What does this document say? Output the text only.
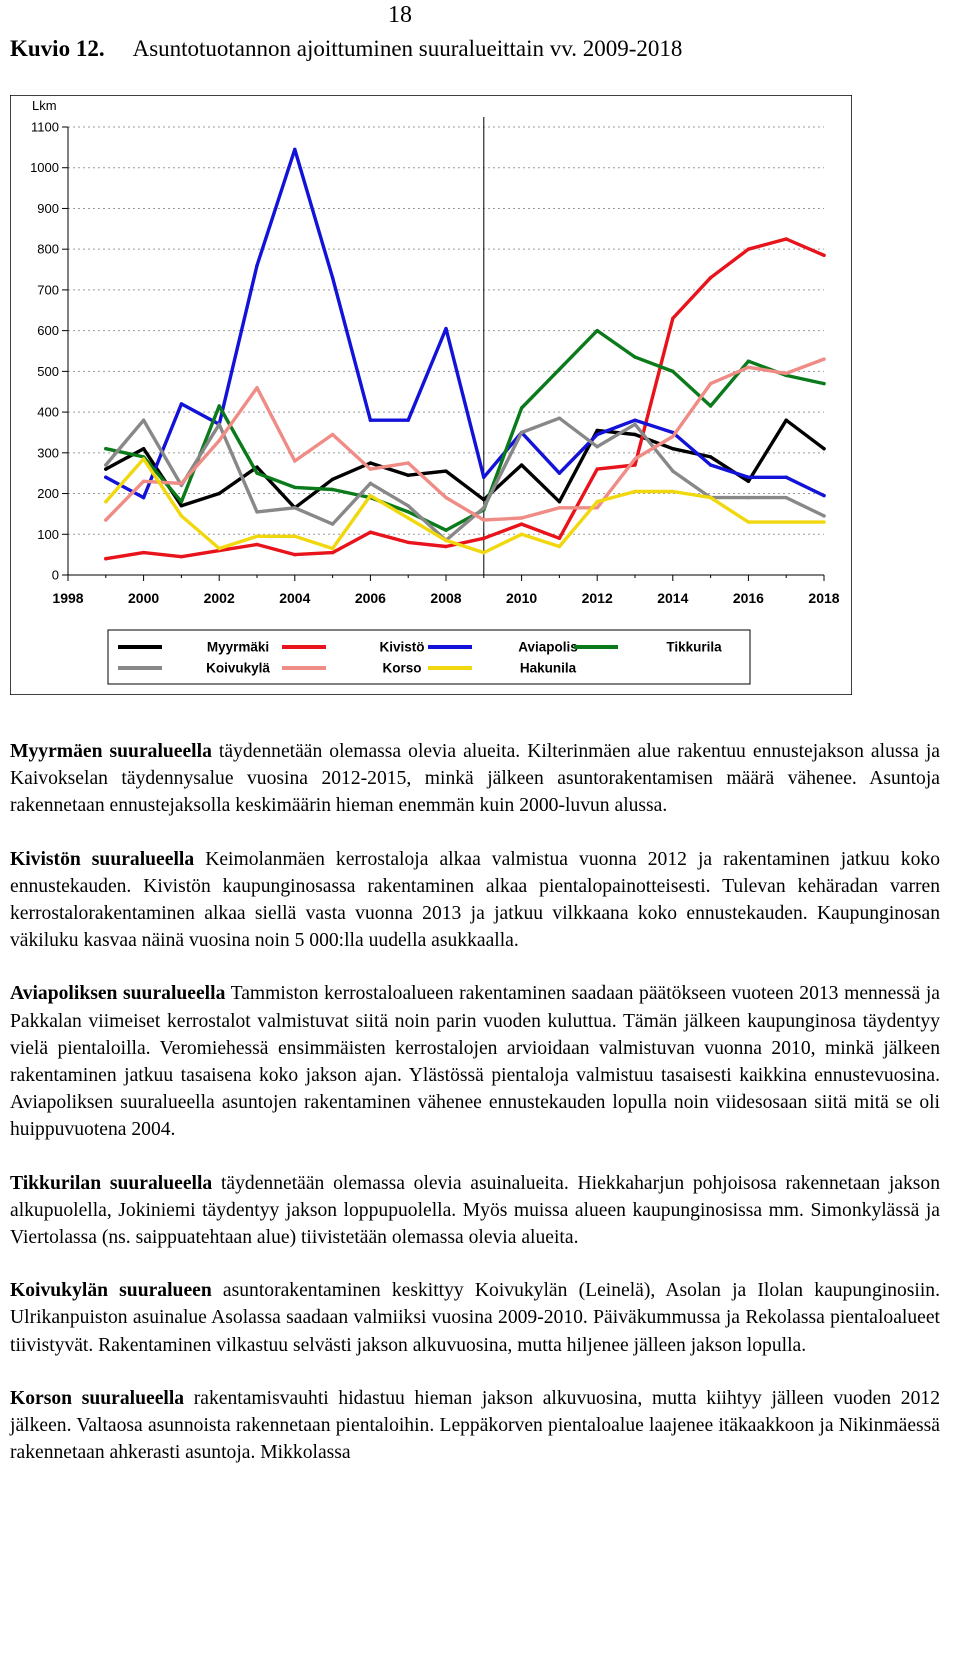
18
Kuvio 12. Asuntotuotannon ajoittuminen suuralueittain vv. 2009-2018
Lkm
0
100
200
300
400
500
600
700
800
900
1000
1100
1998	2000	2002	2004	2006	2008	2010	2012	2014	2016	2018
Myyrmäki	Kivistö	Aviapolis	Tikkurila
Koivukylä	Korso	Hakunila

Myyrmäen suuralueella täydennetään olemassa olevia alueita. Kilterinmäen alue rakentuu ennustejakson alussa ja Kaivokselan täydennysalue vuosina 2012-2015, minkä jälkeen asuntorakentamisen määrä vähenee. Asuntoja rakennetaan ennustejaksolla keskimäärin hieman enemmän kuin 2000-luvun alussa.

Kivistön suuralueella Keimolanmäen kerrostaloja alkaa valmistua vuonna 2012 ja rakentaminen jatkuu koko ennustekauden. Kivistön kaupunginosassa rakentaminen alkaa pientalopainotteisesti. Tulevan kehäradan varren kerrostalorakentaminen alkaa siellä vasta vuonna 2013 ja jatkuu vilkkaana koko ennustekauden. Kaupunginosan väkiluku kasvaa näinä vuosina noin 5 000:lla uudella asukkaalla.

Aviapoliksen suuralueella Tammiston kerrostaloalueen rakentaminen saadaan päätökseen vuoteen 2013 mennessä ja Pakkalan viimeiset kerrostalot valmistuvat siitä noin parin vuoden kuluttua. Tämän jälkeen kaupunginosa täydentyy vielä pientaloilla. Veromiehessä ensimmäisten kerrostalojen arvioidaan valmistuvan vuonna 2010, minkä jälkeen rakentaminen jatkuu tasaisena koko jakson ajan. Ylästössä pientaloja valmistuu tasaisesti kaikkina ennustevuosina. Aviapoliksen suuralueella asuntojen rakentaminen vähenee ennustekauden lopulla noin viidesosaan siitä mitä se oli huippuvuotena 2004.

Tikkurilan suuralueella täydennetään olemassa olevia asuinalueita. Hiekkaharjun pohjoisosa rakennetaan jakson alkupuolella, Jokiniemi täydentyy jakson loppupuolella. Myös muissa alueen kaupunginosissa mm. Simonkylässä ja Viertolassa (ns. saippuatehtaan alue) tiivistetään olemassa olevia alueita.

Koivukylän suuralueen asuntorakentaminen keskittyy Koivukylän (Leinelä), Asolan ja Ilolan kaupunginosiin. Ulrikanpuiston asuinalue Asolassa saadaan valmiiksi vuosina 2009-2010. Päiväkummussa ja Rekolassa pientaloalueet tiivistyvät. Rakentaminen vilkastuu selvästi jakson alkuvuosina, mutta hiljenee jälleen jakson lopulla.

Korson suuralueella rakentamisvauhti hidastuu hieman jakson alkuvuosina, mutta kiihtyy jälleen vuoden 2012 jälkeen. Valtaosa asunnoista rakennetaan pientaloihin. Leppäkorven pientaloalue laajenee itäkaakkoon ja Nikinmäessä rakennetaan ahkerasti asuntoja. Mikkolassa
